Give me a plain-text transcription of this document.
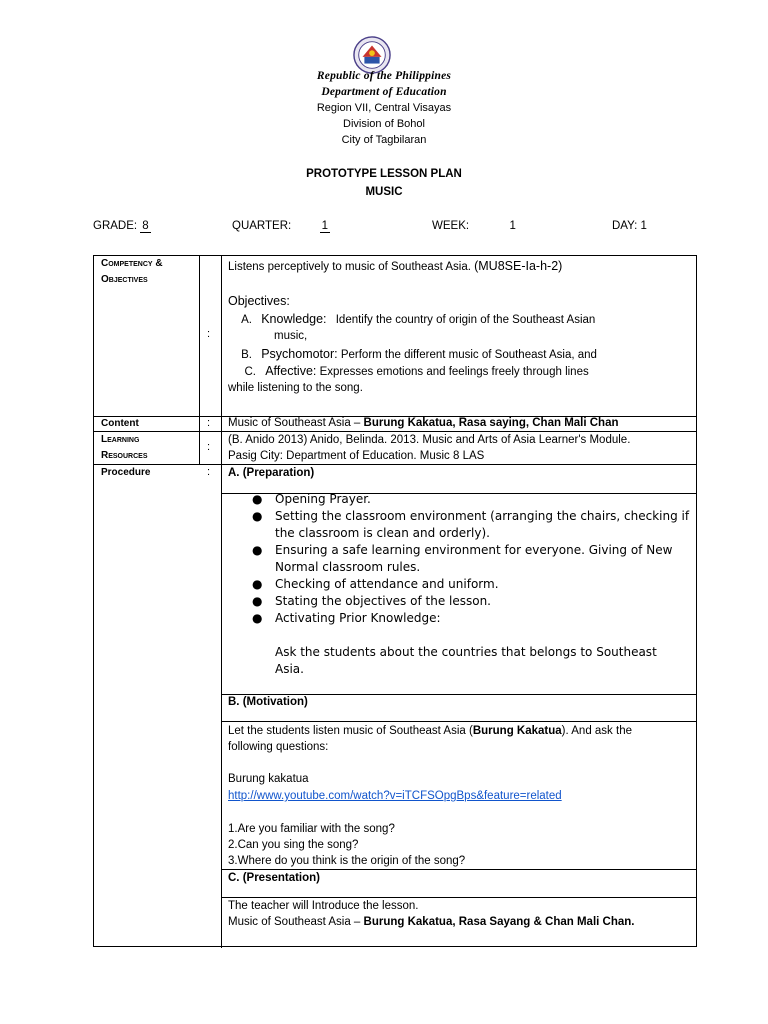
Republic of the Philippines
Department of Education
Region VII, Central Visayas
Division of Bohol
City of Tagbilaran
PROTOTYPE LESSON PLAN
MUSIC
GRADE: 8	QUARTER:	1	WEEK:	1	DAY: 1
Competency &
Objectives
:
Listens perceptively to music of Southeast Asia. (MU8SE-Ia-h-2)
Objectives:
A. Knowledge: Identify the country of origin of the Southeast Asian
music,
B. Psychomotor: Perform the different music of Southeast Asia, and
C. Affective: Expresses emotions and feelings freely through lines
while listening to the song.
Content	: Music of Southeast Asia – Burung Kakatua, Rasa saying, Chan Mali Chan
Learning
Resources
:
(B. Anido 2013) Anido, Belinda. 2013. Music and Arts of Asia Learner's Module.
Pasig City: Department of Education. Music 8 LAS
Procedure	: A. (Preparation)
● Opening Prayer.
● Setting the classroom environment (arranging the chairs, checking if the classroom is clean and orderly).
● Ensuring a safe learning environment for everyone. Giving of New Normal classroom rules.
● Checking of attendance and uniform.
● Stating the objectives of the lesson.
● Activating Prior Knowledge:
Ask the students about the countries that belongs to Southeast Asia.
B. (Motivation)
Let the students listen music of Southeast Asia (Burung Kakatua). And ask the
following questions:
Burung kakatua
http://www.youtube.com/watch?v=iTCFSOpgBps&feature=related
1.Are you familiar with the song?
2.Can you sing the song?
3.Where do you think is the origin of the song?
C. (Presentation)
The teacher will Introduce the lesson.
Music of Southeast Asia – Burung Kakatua, Rasa Sayang & Chan Mali Chan.
